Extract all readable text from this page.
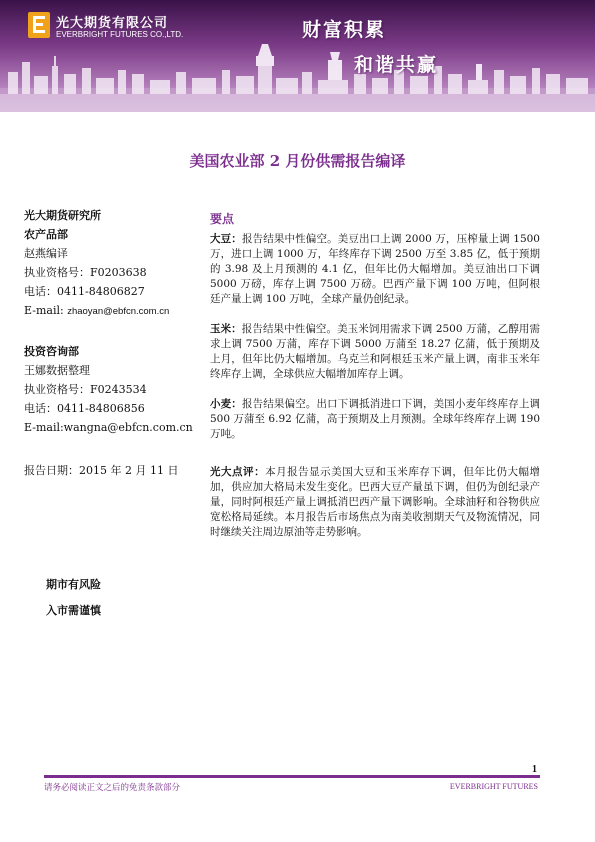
光大期货有限公司
EVERBRIGHT FUTURES CO.,LTD.	财富积累
和谐共赢
美国农业部 2 月份供需报告编译
光大期货研究所
农产品部
赵燕编译
执业资格号：F0203638
电话：0411-84806827
E-mail: zhaoyan@ebfcn.com.cn
投资咨询部
王娜数据整理
执业资格号：F0243534
电话：0411-84806856
E-mail:wangna@ebfcn.com.cn
报告日期：2015 年 2 月 11 日
期市有风险
入市需谨慎
要点

大豆：报告结果中性偏空。美豆出口上调 2000 万，压榨量上调 1500 万，进口上调 1000 万，年终库存下调 2500 万至 3.85 亿，低于预期的 3.98 及上月预测的 4.1 亿，但年比仍大幅增加。美豆油出口下调 5000 万磅，库存上调 7500 万磅。巴西产量下调 100 万吨，但阿根廷产量上调 100 万吨，全球产量仍创纪录。

玉米：报告结果中性偏空。美玉米饲用需求下调 2500 万蒲，乙醇用需求上调 7500 万蒲，库存下调 5000 万蒲至 18.27 亿蒲，低于预期及上月，但年比仍大幅增加。乌克兰和阿根廷玉米产量上调，南非玉米年终库存上调，全球供应大幅增加库存上调。

小麦：报告结果偏空。出口下调抵消进口下调，美国小麦年终库存上调 500 万蒲至 6.92 亿蒲，高于预期及上月预测。全球年终库存上调 190 万吨。

光大点评：本月报告显示美国大豆和玉米库存下调，但年比仍大幅增加，供应加大格局未发生变化。巴西大豆产量虽下调，但仍为创纪录产量，同时阿根廷产量上调抵消巴西产量下调影响。全球油籽和谷物供应宽松格局延续。本月报告后市场焦点为南美收割期天气及物流情况，同时继续关注周边原油等走势影响。

1
请务必阅读正文之后的免责条款部分	EVERBRIGHT FUTURES
